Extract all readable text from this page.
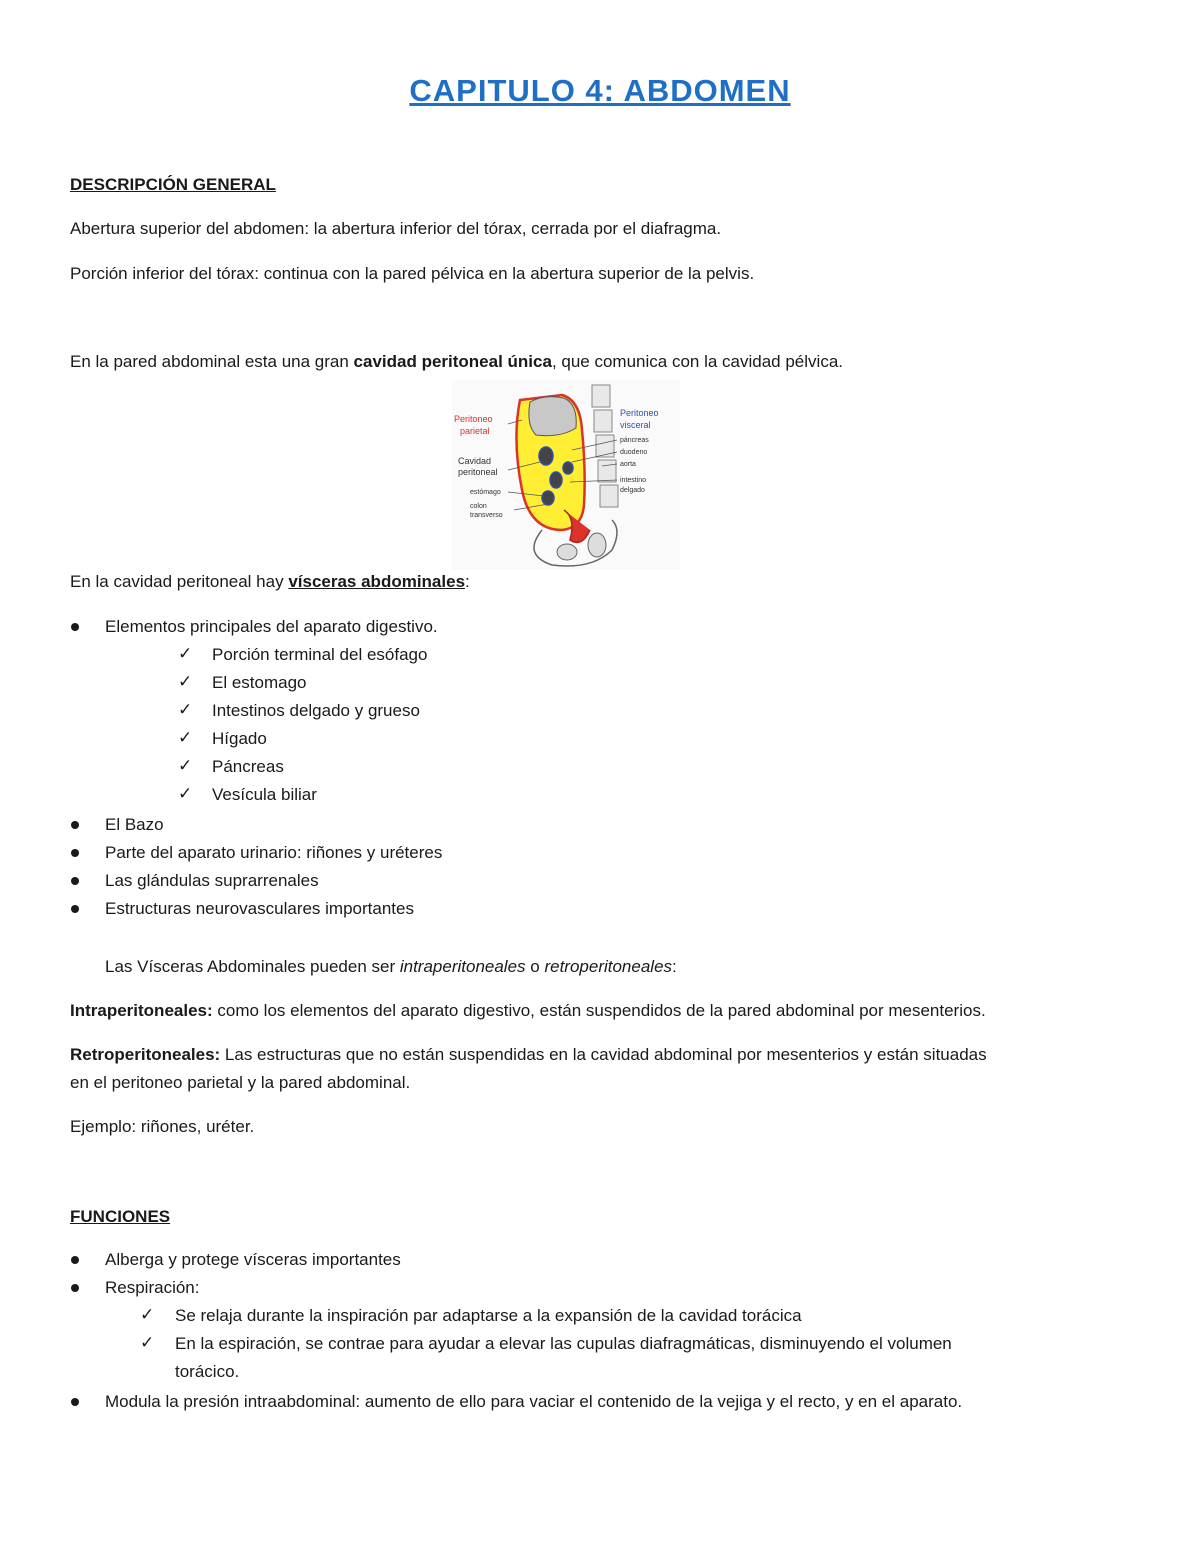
CAPITULO 4: ABDOMEN
DESCRIPCIÓN GENERAL
Abertura superior del abdomen: la abertura inferior del tórax, cerrada por el diafragma.
Porción inferior del tórax: continua con la pared pélvica en la abertura superior de la pelvis.
En la pared abdominal esta una gran cavidad peritoneal única, que comunica con la cavidad pélvica.
Peritoneo
parietal
Peritoneo
visceral
Cavidad
peritoneal
estómago
colon
transverso
páncreas
duodeno
aorta
intestino
delgado
En la cavidad peritoneal hay vísceras abdominales:
Elementos principales del aparato digestivo.
✓ Porción terminal del esófago
✓ El estomago
✓ Intestinos delgado y grueso
✓ Hígado
✓ Páncreas
✓ Vesícula biliar
El Bazo
Parte del aparato urinario: riñones y uréteres
Las glándulas suprarrenales
Estructuras neurovasculares importantes
Las Vísceras Abdominales pueden ser intraperitoneales o retroperitoneales:
Intraperitoneales: como los elementos del aparato digestivo, están suspendidos de la pared abdominal por mesenterios.
Retroperitoneales: Las estructuras que no están suspendidas en la cavidad abdominal por mesenterios y están situadas
en el peritoneo parietal y la pared abdominal.
Ejemplo: riñones, uréter.
FUNCIONES
Alberga y protege vísceras importantes
Respiración:
✓ Se relaja durante la inspiración par adaptarse a la expansión de la cavidad torácica
✓ En la espiración, se contrae para ayudar a elevar las cupulas diafragmáticas, disminuyendo el volumen
torácico.
Modula la presión intraabdominal: aumento de ello para vaciar el contenido de la vejiga y el recto, y en el aparato.
